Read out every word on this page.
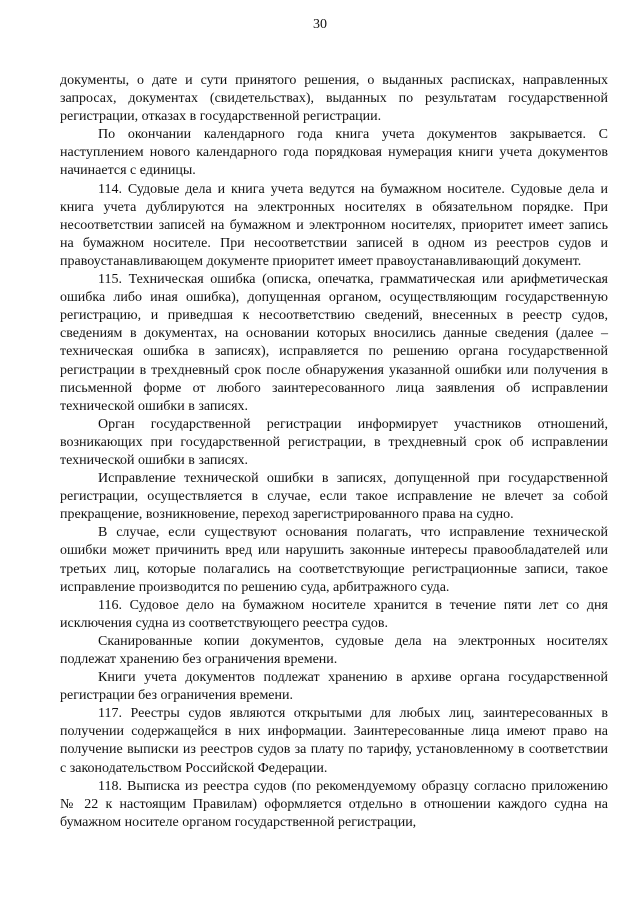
30

документы, о дате и сути принятого решения, о выданных расписках, направленных запросах, документах (свидетельствах), выданных по результатам государственной регистрации, отказах в государственной регистрации.

По окончании календарного года книга учета документов закрывается. С наступлением нового календарного года порядковая нумерация книги учета документов начинается с единицы.

114. Судовые дела и книга учета ведутся на бумажном носителе. Судовые дела и книга учета дублируются на электронных носителях в обязательном порядке. При несоответствии записей на бумажном и электронном носителях, приоритет имеет запись на бумажном носителе. При несоответствии записей в одном из реестров судов и правоустанавливающем документе приоритет имеет правоустанавливающий документ.

115. Техническая ошибка (описка, опечатка, грамматическая или арифметическая ошибка либо иная ошибка), допущенная органом, осуществляющим государственную регистрацию, и приведшая к несоответствию сведений, внесенных в реестр судов, сведениям в документах, на основании которых вносились данные сведения (далее – техническая ошибка в записях), исправляется по решению органа государственной регистрации в трехдневный срок после обнаружения указанной ошибки или получения в письменной форме от любого заинтересованного лица заявления об исправлении технической ошибки в записях.

Орган государственной регистрации информирует участников отношений, возникающих при государственной регистрации, в трехдневный срок об исправлении технической ошибки в записях.

Исправление технической ошибки в записях, допущенной при государственной регистрации, осуществляется в случае, если такое исправление не влечет за собой прекращение, возникновение, переход зарегистрированного права на судно.

В случае, если существуют основания полагать, что исправление технической ошибки может причинить вред или нарушить законные интересы правообладателей или третьих лиц, которые полагались на соответствующие регистрационные записи, такое исправление производится по решению суда, арбитражного суда.

116. Судовое дело на бумажном носителе хранится в течение пяти лет со дня исключения судна из соответствующего реестра судов.

Сканированные копии документов, судовые дела на электронных носителях подлежат хранению без ограничения времени.

Книги учета документов подлежат хранению в архиве органа государственной регистрации без ограничения времени.

117. Реестры судов являются открытыми для любых лиц, заинтересованных в получении содержащейся в них информации. Заинтересованные лица имеют право на получение выписки из реестров судов за плату по тарифу, установленному в соответствии с законодательством Российской Федерации.

118. Выписка из реестра судов (по рекомендуемому образцу согласно приложению № 22 к настоящим Правилам) оформляется отдельно в отношении каждого судна на бумажном носителе органом государственной регистрации,
